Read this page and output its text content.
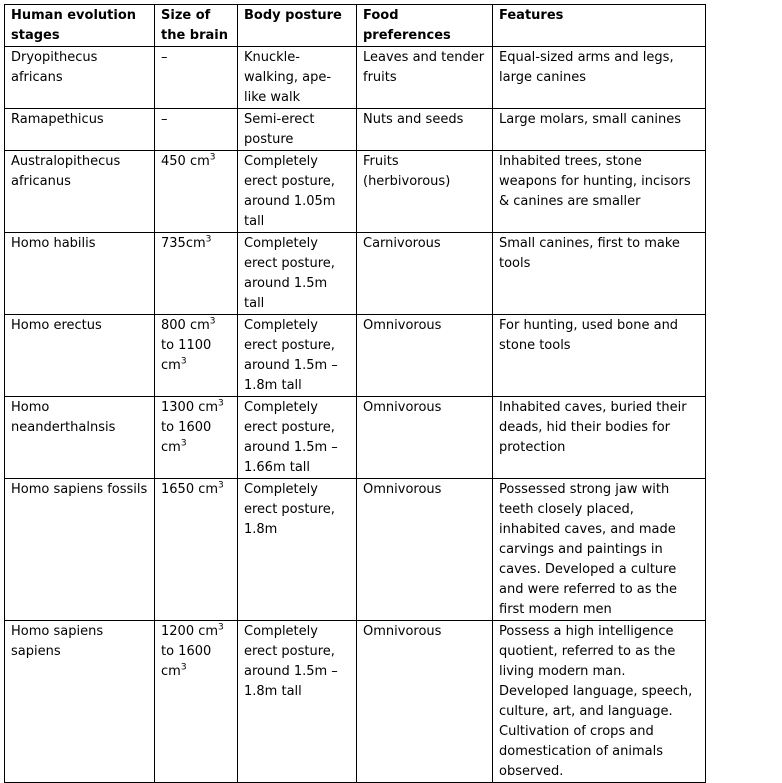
Human evolution stages	Size of the brain	Body posture	Food preferences	Features
Dryopithecus africans	–	Knuckle-walking, ape-like walk	Leaves and tender fruits	Equal-sized arms and legs, large canines
Ramapethicus	–	Semi-erect posture	Nuts and seeds	Large molars, small canines
Australopithecus africanus	450 $cm^3$	Completely erect posture, around 1.05m tall	Fruits (herbivorous)	Inhabited trees, stone weapons for hunting, incisors & canines are smaller
Homo habilis	$735cm^3$	Completely erect posture, around 1.5m tall	Carnivorous	Small canines, first to make tools
Homo erectus	800 $cm^3$ to 1100 $cm^3$	Completely erect posture, around 1.5m – 1.8m tall	Omnivorous	For hunting, used bone and stone tools
Homo neanderthalnsis	1300 $cm^3$ to 1600 $cm^3$	Completely erect posture, around 1.5m – 1.66m tall	Omnivorous	Inhabited caves, buried their deads, hid their bodies for protection
Homo sapiens fossils	1650 $cm^3$	Completely erect posture, 1.8m	Omnivorous	Possessed strong jaw with teeth closely placed, inhabited caves, and made carvings and paintings in caves. Developed a culture and were referred to as the first modern men
Homo sapiens sapiens	1200 $cm^3$ to 1600 $cm^3$	Completely erect posture, around 1.5m – 1.8m tall	Omnivorous	Possess a high intelligence quotient, referred to as the living modern man. Developed language, speech, culture, art, and language. Cultivation of crops and domestication of animals observed.
